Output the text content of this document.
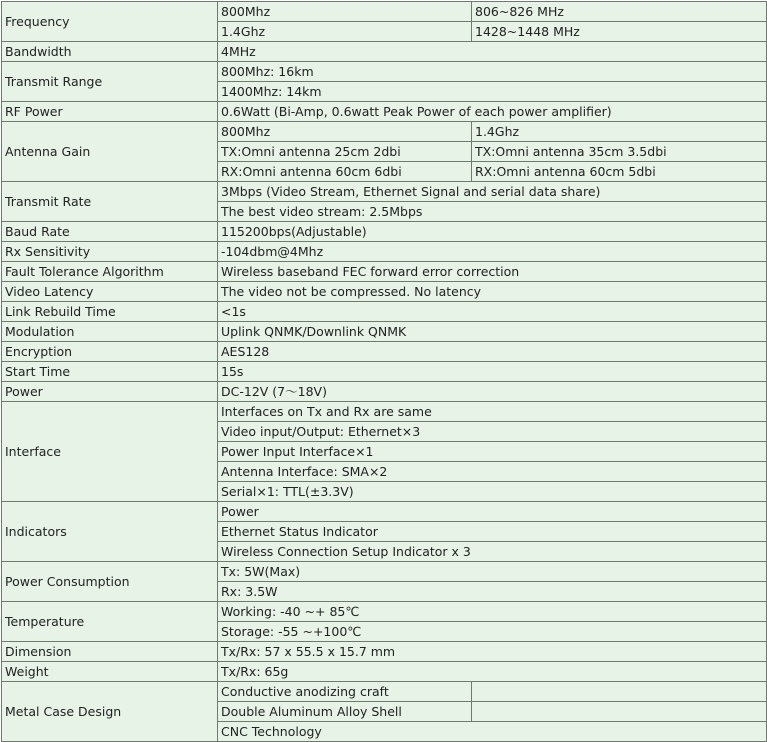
Frequency	800Mhz	806~826 MHz
	1.4Ghz	1428~1448 MHz
Bandwidth	4MHz	
Transmit Range	800Mhz: 16km	
	1400Mhz: 14km	
RF Power	0.6Watt (Bi-Amp, 0.6watt Peak Power of each power amplifier)	
Antenna Gain	800Mhz	1.4Ghz
	TX:Omni antenna 25cm 2dbi	TX:Omni antenna 35cm 3.5dbi
	RX:Omni antenna 60cm 6dbi	RX:Omni antenna 60cm 5dbi
Transmit Rate	3Mbps (Video Stream, Ethernet Signal and serial data share)	
	The best video stream: 2.5Mbps	
Baud Rate	115200bps(Adjustable)	
Rx Sensitivity	-104dbm@4Mhz	
Fault Tolerance Algorithm	Wireless baseband FEC forward error correction	
Video Latency	The video not be compressed. No latency	
Link Rebuild Time	<1s	
Modulation	Uplink QNMK/Downlink QNMK	
Encryption	AES128	
Start Time	15s	
Power	DC-12V (7～18V)	
Interface	Interfaces on Tx and Rx are same	
	Video input/Output: Ethernet×3	
	Power Input Interface×1	
	Antenna Interface: SMA×2	
	Serial×1: TTL(±3.3V)	
Indicators	Power	
	Ethernet Status Indicator	
	Wireless Connection Setup Indicator x 3	
Power Consumption	Tx: 5W(Max)	
	Rx: 3.5W	
Temperature	Working: -40 ~+ 85℃	
	Storage: -55 ~+100℃	
Dimension	Tx/Rx: 57 x 55.5 x 15.7 mm	
Weight	Tx/Rx: 65g	
Metal Case Design	Conductive anodizing craft	
	Double Aluminum Alloy Shell	
	CNC Technology	
